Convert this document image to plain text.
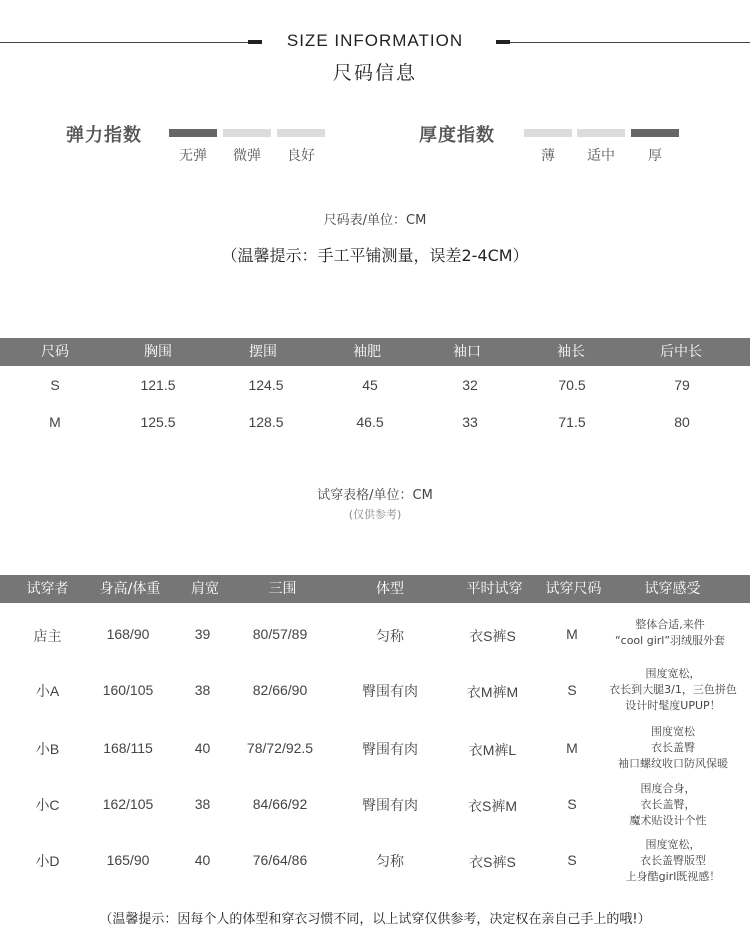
SIZE INFORMATION
尺码信息
弹力指数
无弹	微弹	良好
厚度指数
薄	适中	厚
尺码表/单位：CM
（温馨提示：手工平铺测量，误差2-4CM）
尺码	胸围	摆围	袖肥	袖口	袖长	后中长
S	121.5	124.5	45	32	70.5	79
M	125.5	128.5	46.5	33	71.5	80
试穿表格/单位：CM
(仅供参考)
试穿者	身高/体重	肩宽	三围	体型	平时试穿	试穿尺码	试穿感受
店主	168/90	39	80/57/89	匀称	衣S裤S	M
整体合适,来件
“cool girl”羽绒服外套
小A	160/105	38	82/66/90	臀围有肉	衣M裤M	S
围度宽松，
衣长到大腿3/1，三色拼色
设计时髦度UPUP！
小B	168/115	40	78/72/92.5	臀围有肉	衣M裤L	M
围度宽松
衣长盖臀
袖口螺纹收口防风保暖
小C	162/105	38	84/66/92	臀围有肉	衣S裤M	S
围度合身，
衣长盖臀，
魔术贴设计个性
小D	165/90	40	76/64/86	匀称	衣S裤S	S
围度宽松，
衣长盖臀版型
上身酷girl既视感！
（温馨提示：因每个人的体型和穿衣习惯不同，以上试穿仅供参考，决定权在亲自己手上的哦!）
